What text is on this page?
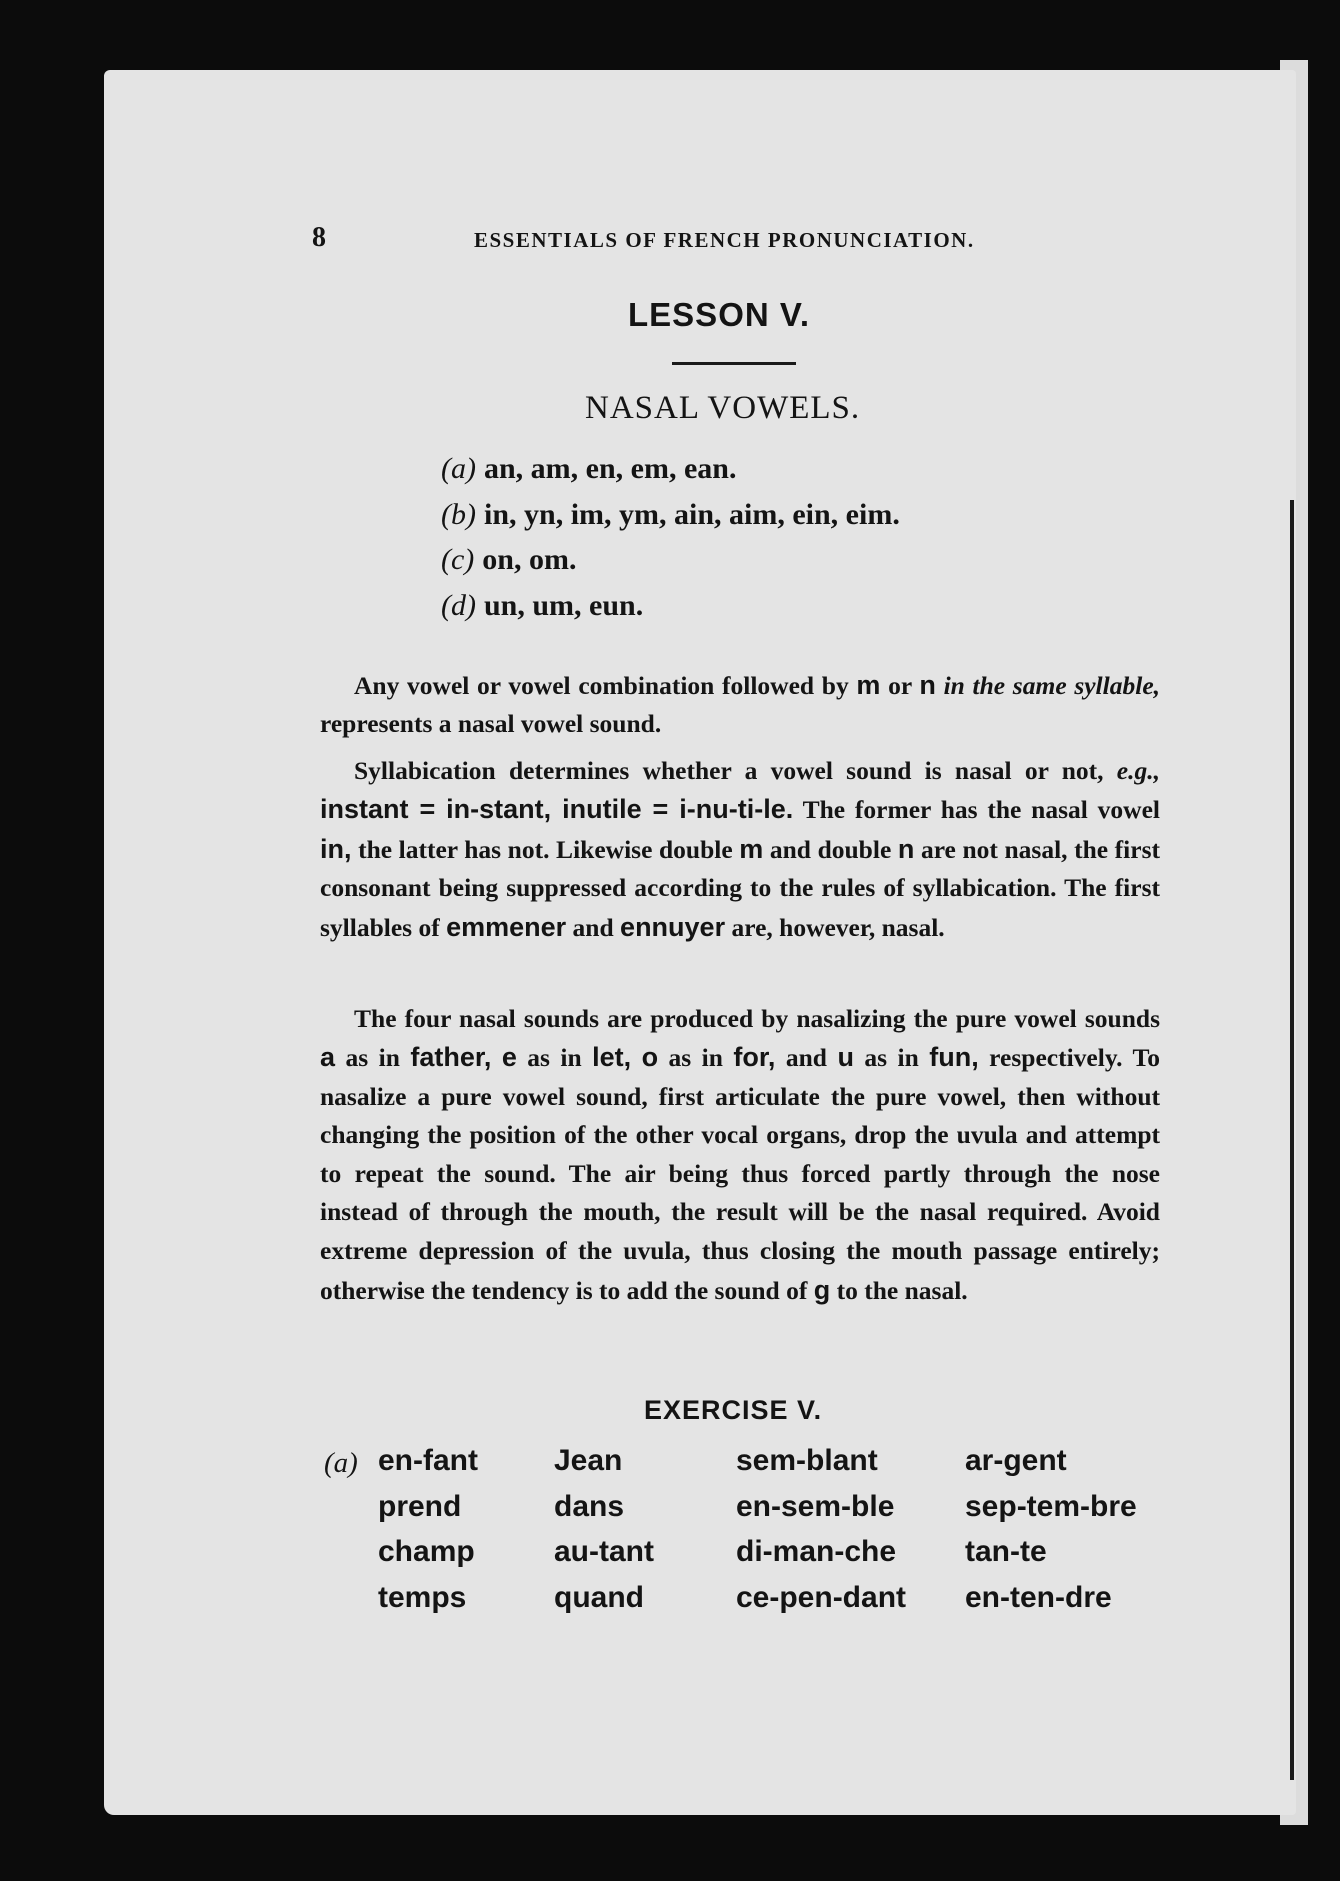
8	ESSENTIALS OF FRENCH PRONUNCIATION.
LESSON V.
NASAL VOWELS.
(a) an, am, en, em, ean.
(b) in, yn, im, ym, ain, aim, ein, eim.
(c) on, om.
(d) un, um, eun.

Any vowel or vowel combination followed by m or n in the same syllable, represents a nasal vowel sound.

Syllabication determines whether a vowel sound is nasal or not, e.g., instant = in-stant, inutile = i-nu-ti-le. The former has the nasal vowel in, the latter has not. Likewise double m and double n are not nasal, the first consonant being suppressed according to the rules of syllabication. The first syllables of emmener and ennuyer are, however, nasal.

The four nasal sounds are produced by nasalizing the pure vowel sounds a as in father, e as in let, o as in for, and u as in fun, respectively. To nasalize a pure vowel sound, first articulate the pure vowel, then without changing the position of the other vocal organs, drop the uvula and attempt to repeat the sound. The air being thus forced partly through the nose instead of through the mouth, the result will be the nasal required. Avoid extreme depression of the uvula, thus closing the mouth passage entirely; otherwise the tendency is to add the sound of g to the nasal.

EXERCISE V.
(a) en-fant
prend
champ
temps
Jean
dans
au-tant
quand
sem-blant
en-sem-ble
di-man-che
ce-pen-dant
ar-gent
sep-tem-bre
tan-te
en-ten-dre
